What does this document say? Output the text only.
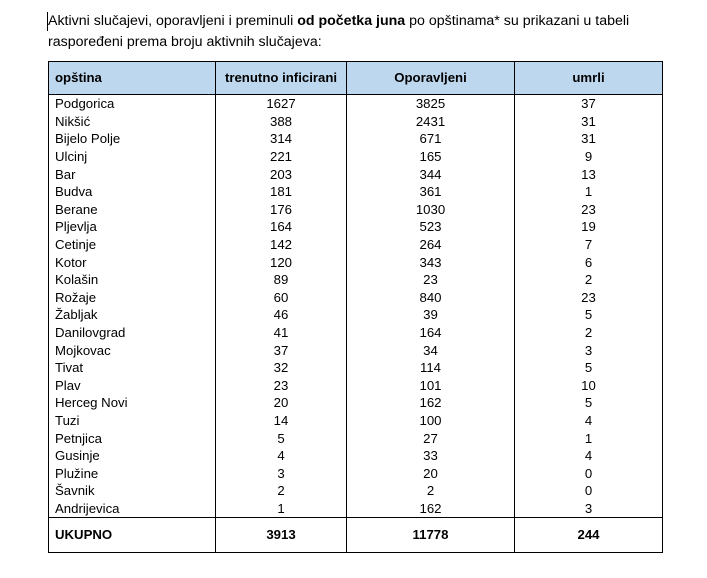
Aktivni slučajevi, oporavljeni i preminuli od početka juna po opštinama* su prikazani u tabeli raspoređeni prema broju aktivnih slučajeva:

opština	trenutno inficirani	Oporavljeni	umrli
Podgorica	1627	3825	37
Nikšić	388	2431	31
Bijelo Polje	314	671	31
Ulcinj	221	165	9
Bar	203	344	13
Budva	181	361	1
Berane	176	1030	23
Pljevlja	164	523	19
Cetinje	142	264	7
Kotor	120	343	6
Kolašin	89	23	2
Rožaje	60	840	23
Žabljak	46	39	5
Danilovgrad	41	164	2
Mojkovac	37	34	3
Tivat	32	114	5
Plav	23	101	10
Herceg Novi	20	162	5
Tuzi	14	100	4
Petnjica	5	27	1
Gusinje	4	33	4
Plužine	3	20	0
Šavnik	2	2	0
Andrijevica	1	162	3
UKUPNO	3913	11778	244
